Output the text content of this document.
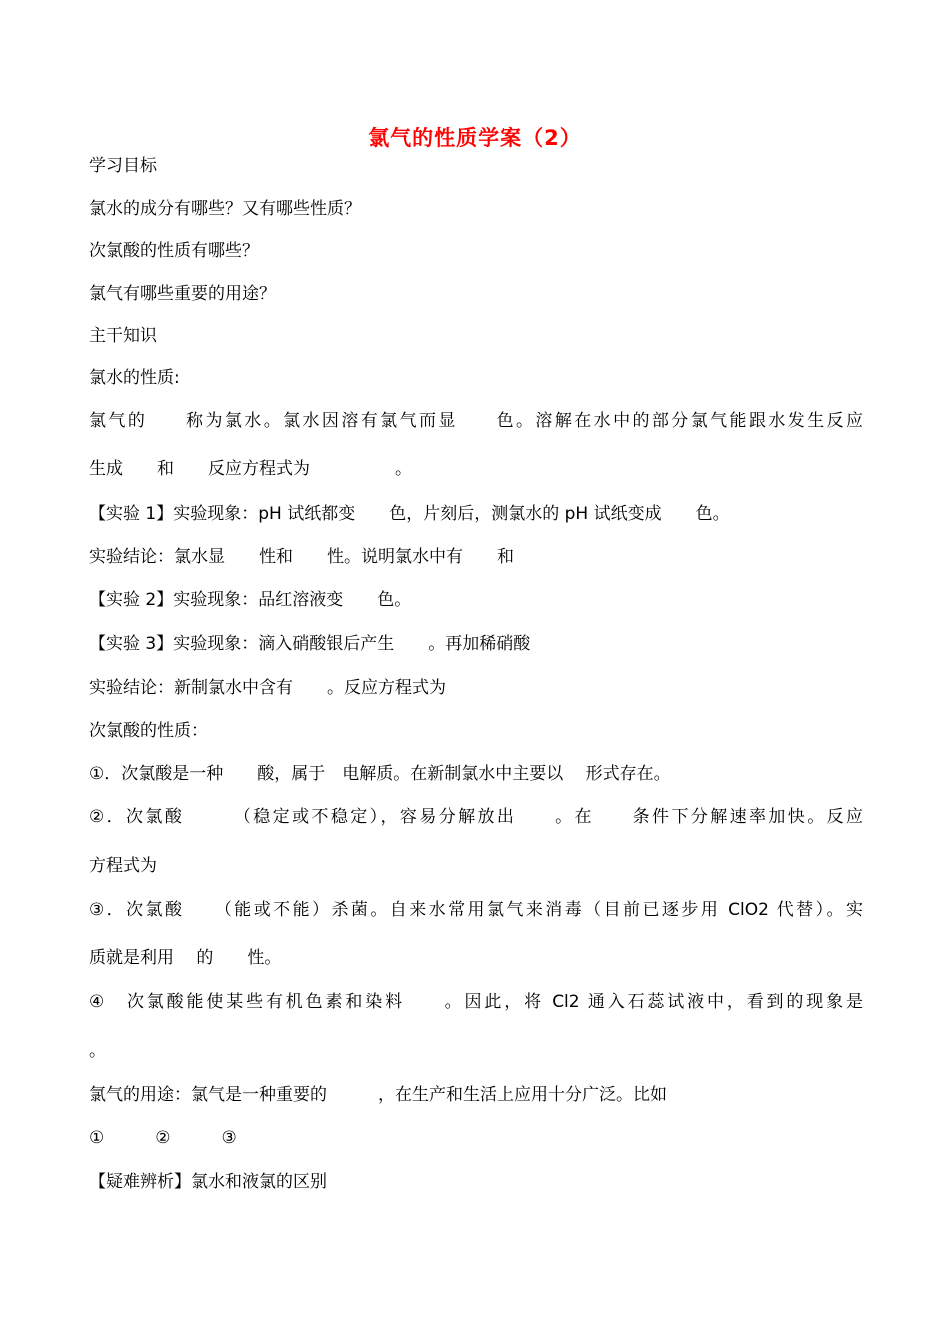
氯气的性质学案（2）
学习目标
氯水的成分有哪些？又有哪些性质？
次氯酸的性质有哪些？
氯气有哪些重要的用途？
主干知识
氯水的性质:
氯气的　　称为氯水。氯水因溶有氯气而显　　色。溶解在水中的部分氯气能跟水发生反应
生成　　和　　反应方程式为　　　　　。
【实验 1】实验现象：pH 试纸都变　　色，片刻后，测氯水的 pH 试纸变成　　色。
实验结论：氯水显　　性和　　性。说明氯水中有　　和
【实验 2】实验现象：品红溶液变　　色。
【实验 3】实验现象：滴入硝酸银后产生　　。再加稀硝酸
实验结论：新制氯水中含有　　。反应方程式为
次氯酸的性质：
①．次氯酸是一种　　酸，属于　电解质。在新制氯水中主要以　 形式存在。
②．次氯酸　　　（稳定或不稳定），容易分解放出　　。在　　条件下分解速率加快。反应
方程式为
③．次氯酸　　（能或不能）杀菌。自来水常用氯气来消毒（目前已逐步用 ClO2 代替）。实
质就是利用　 的　　性。
④　次氯酸能使某些有机色素和染料　　。因此，将 Cl2 通入石蕊试液中，看到的现象是
。
氯气的用途：氯气是一种重要的　　　，在生产和生活上应用十分广泛。比如
①　　　②　　　③
【疑难辨析】氯水和液氯的区别
